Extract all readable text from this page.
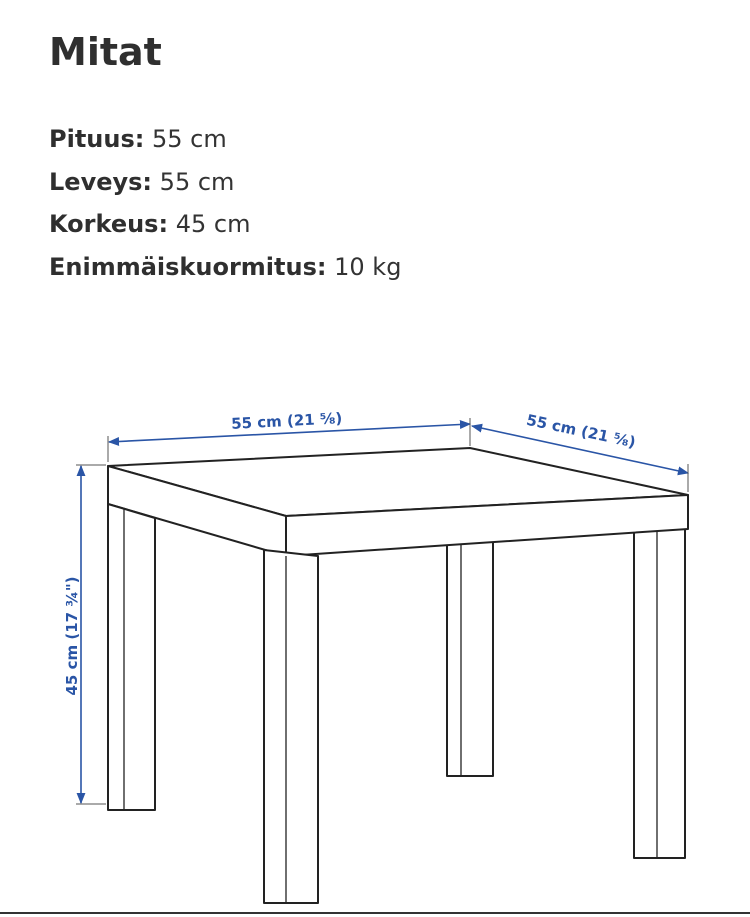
Mitat
Pituus: 55 cm
Leveys: 55 cm
Korkeus: 45 cm
Enimmäiskuormitus: 10 kg
55 cm (21 ⅝)	55 cm (21 ⅝)
45 cm (17 ¾")
